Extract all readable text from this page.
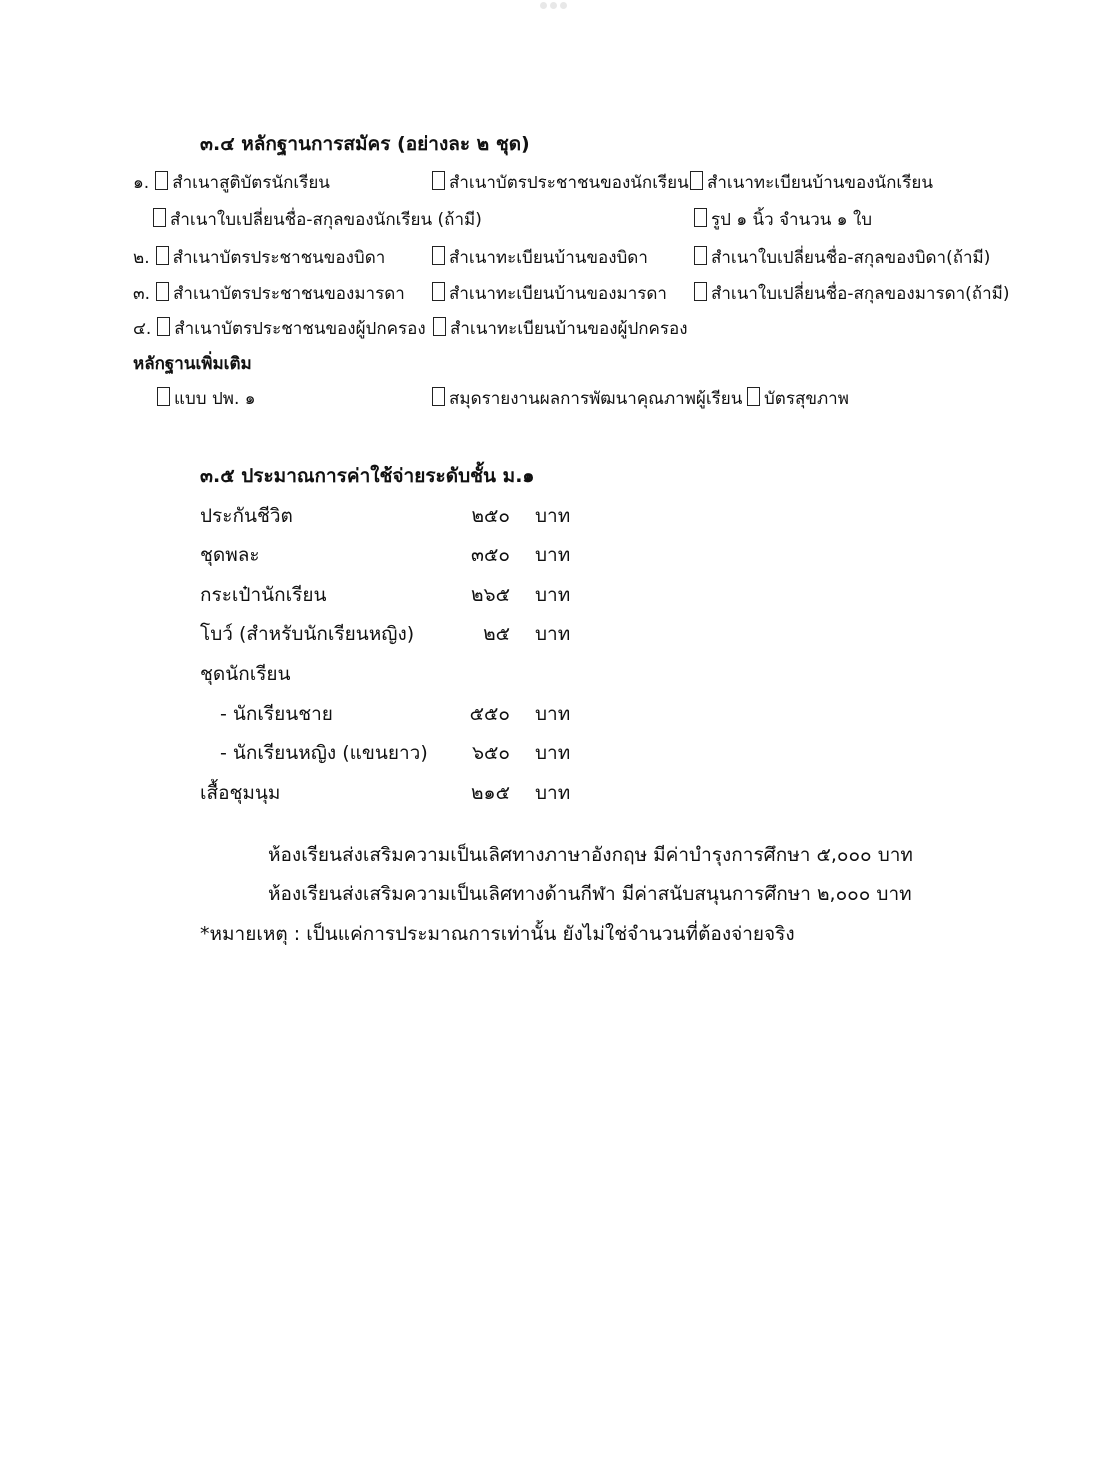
๓.๔ หลักฐานการสมัคร (อย่างละ ๒ ชุด)
๑. สำเนาสูติบัตรนักเรียน	สำเนาบัตรประชาชนของนักเรียน	สำเนาทะเบียนบ้านของนักเรียน
สำเนาใบเปลี่ยนชื่อ-สกุลของนักเรียน (ถ้ามี)	รูป ๑ นิ้ว จำนวน ๑ ใบ
๒. สำเนาบัตรประชาชนของบิดา	สำเนาทะเบียนบ้านของบิดา	สำเนาใบเปลี่ยนชื่อ-สกุลของบิดา(ถ้ามี)
๓. สำเนาบัตรประชาชนของมารดา	สำเนาทะเบียนบ้านของมารดา	สำเนาใบเปลี่ยนชื่อ-สกุลของมารดา(ถ้ามี)
๔. สำเนาบัตรประชาชนของผู้ปกครอง	สำเนาทะเบียนบ้านของผู้ปกครอง
หลักฐานเพิ่มเติม
แบบ ปพ. ๑	สมุดรายงานผลการพัฒนาคุณภาพผู้เรียน	บัตรสุขภาพ
๓.๕ ประมาณการค่าใช้จ่ายระดับชั้น ม.๑
ประกันชีวิต	๒๕๐ บาท
ชุดพละ	๓๕๐ บาท
กระเป๋านักเรียน	๒๖๕ บาท
โบว์ (สำหรับนักเรียนหญิง)	๒๕ บาท
ชุดนักเรียน
- นักเรียนชาย	๕๕๐ บาท
- นักเรียนหญิง (แขนยาว)	๖๕๐ บาท
เสื้อชุมนุม	๒๑๕ บาท
ห้องเรียนส่งเสริมความเป็นเลิศทางภาษาอังกฤษ มีค่าบำรุงการศึกษา ๕,๐๐๐ บาท
ห้องเรียนส่งเสริมความเป็นเลิศทางด้านกีฬา มีค่าสนับสนุนการศึกษา ๒,๐๐๐ บาท
*หมายเหตุ : เป็นแค่การประมาณการเท่านั้น ยังไม่ใช่จำนวนที่ต้องจ่ายจริง
